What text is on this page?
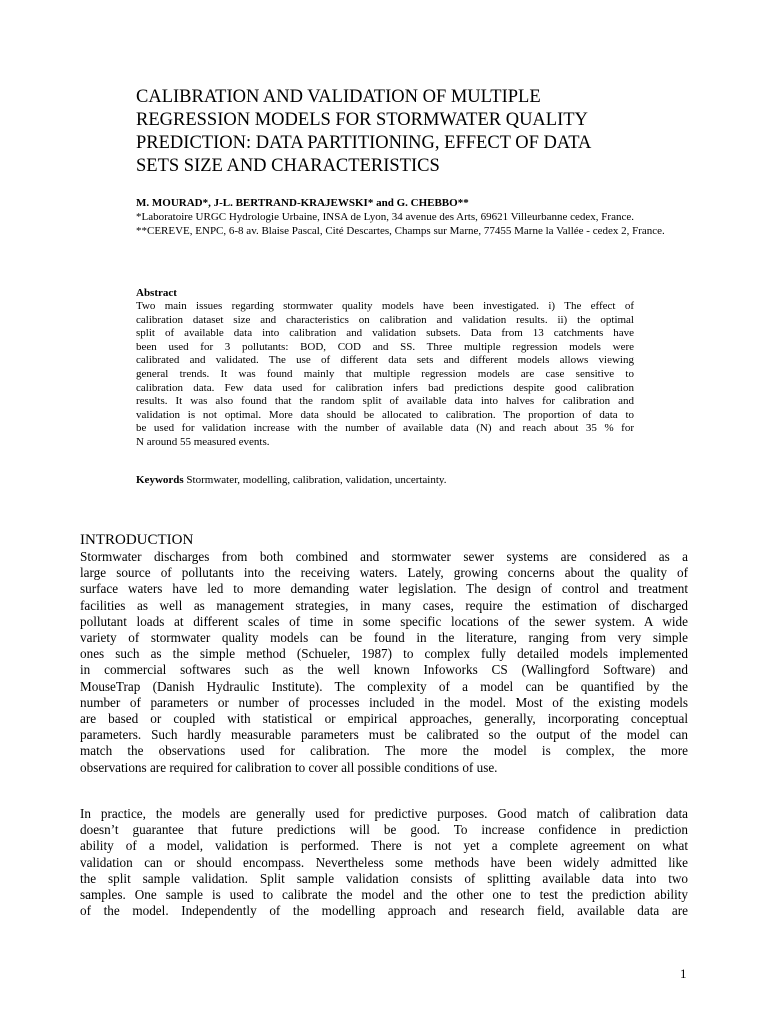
CALIBRATION AND VALIDATION OF MULTIPLE
REGRESSION MODELS FOR STORMWATER QUALITY
PREDICTION: DATA PARTITIONING, EFFECT OF DATA
SETS SIZE AND CHARACTERISTICS
M. MOURAD*, J-L. BERTRAND-KRAJEWSKI* and G. CHEBBO**
*Laboratoire URGC Hydrologie Urbaine, INSA de Lyon, 34 avenue des Arts, 69621 Villeurbanne cedex, France.
**CEREVE, ENPC, 6-8 av. Blaise Pascal, Cité Descartes, Champs sur Marne, 77455 Marne la Vallée - cedex 2, France.
Abstract
Two main issues regarding stormwater quality models have been investigated. i) The effect of
calibration dataset size and characteristics on calibration and validation results. ii) the optimal
split of available data into calibration and validation subsets. Data from 13 catchments have
been used for 3 pollutants: BOD, COD and SS. Three multiple regression models were
calibrated and validated. The use of different data sets and different models allows viewing
general trends. It was found mainly that multiple regression models are case sensitive to
calibration data. Few data used for calibration infers bad predictions despite good calibration
results. It was also found that the random split of available data into halves for calibration and
validation is not optimal. More data should be allocated to calibration. The proportion of data to
be used for validation increase with the number of available data (N) and reach about 35 % for
N around 55 measured events.
Keywords Stormwater, modelling, calibration, validation, uncertainty.
INTRODUCTION
Stormwater discharges from both combined and stormwater sewer systems are considered as a
large source of pollutants into the receiving waters. Lately, growing concerns about the quality of
surface waters have led to more demanding water legislation. The design of control and treatment
facilities as well as management strategies, in many cases, require the estimation of discharged
pollutant loads at different scales of time in some specific locations of the sewer system. A wide
variety of stormwater quality models can be found in the literature, ranging from very simple
ones such as the simple method (Schueler, 1987) to complex fully detailed models implemented
in commercial softwares such as the well known Infoworks CS (Wallingford Software) and
MouseTrap (Danish Hydraulic Institute). The complexity of a model can be quantified by the
number of parameters or number of processes included in the model. Most of the existing models
are based or coupled with statistical or empirical approaches, generally, incorporating conceptual
parameters. Such hardly measurable parameters must be calibrated so the output of the model can
match the observations used for calibration. The more the model is complex, the more
observations are required for calibration to cover all possible conditions of use.
In practice, the models are generally used for predictive purposes. Good match of calibration data
doesn’t guarantee that future predictions will be good. To increase confidence in prediction
ability of a model, validation is performed. There is not yet a complete agreement on what
validation can or should encompass. Nevertheless some methods have been widely admitted like
the split sample validation. Split sample validation consists of splitting available data into two
samples. One sample is used to calibrate the model and the other one to test the prediction ability
of the model. Independently of the modelling approach and research field, available data are
1
